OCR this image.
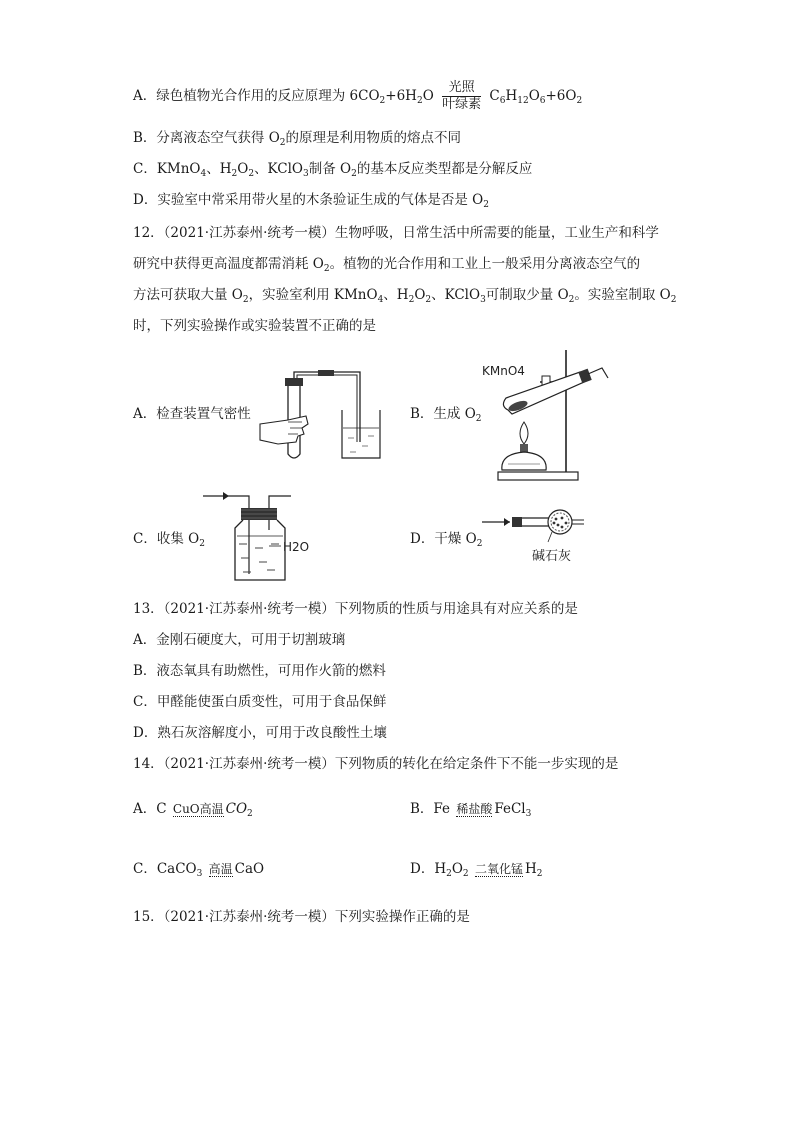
A．绿色植物光合作用的反应原理为 $6CO_2+6H_2O \frac{\text{光照}}{\text{叶绿素}} C_6H_{12}O_6+6O_2$
B．分离液态空气获得 $O_2$的原理是利用物质的熔点不同
C．KMnO$_4$、$H_2O_2$、KClO$_3$制备 $O_2$的基本反应类型都是分解反应
D．实验室中常采用带火星的木条验证生成的气体是否是 $O_2$
12．（2021·江苏泰州·统考一模）生物呼吸，日常生活中所需要的能量，工业生产和科学
研究中获得更高温度都需消耗 $O_2$。植物的光合作用和工业上一般采用分离液态空气的
方法可获取大量 $O_2$，实验室利用 KMnO$_4$、$H_2O_2$、KClO$_3$可制取少量 $O_2$。实验室制取 $O_2$
时，下列实验操作或实验装置不正确的是
A．检查装置气密性	B．生成 $O_2$
C．收集 $O_2$	D．干燥 $O_2$
KMnO4
H2O
碱石灰
13．（2021·江苏泰州·统考一模）下列物质的性质与用途具有对应关系的是
A．金刚石硬度大，可用于切割玻璃
B．液态氧具有助燃性，可用作火箭的燃料
C．甲醛能使蛋白质变性，可用于食品保鲜
D．熟石灰溶解度小，可用于改良酸性土壤
14．（2021·江苏泰州·统考一模）下列物质的转化在给定条件下不能一步实现的是
A．C CuO高温 $CO_2$	B．Fe 稀盐酸 FeCl$_3$
C．CaCO$_3$ 高温 CaO	D．$H_2O_2$ 二氧化锰 $H_2$
15．（2021·江苏泰州·统考一模）下列实验操作正确的是
